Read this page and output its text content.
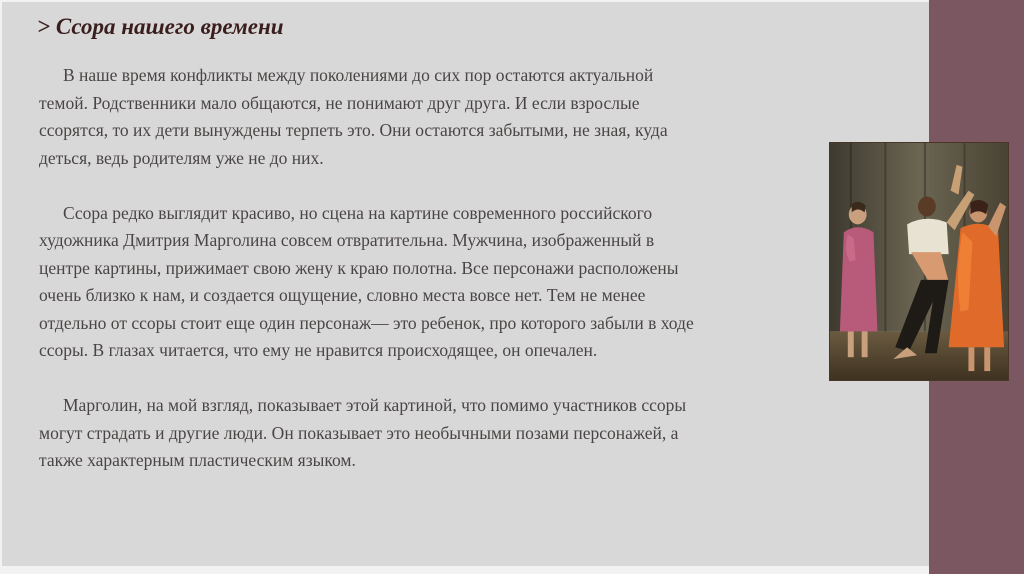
> Ссора нашего времени

В наше время конфликты между поколениями до сих пор остаются актуальной
темой. Родственники мало общаются, не понимают друг друга. И если взрослые
ссорятся, то их дети вынуждены терпеть это. Они остаются забытыми, не зная, куда
деться, ведь родителям уже не до них.

Ссора редко выглядит красиво, но сцена на картине современного российского
художника Дмитрия Марголина совсем отвратительна. Мужчина, изображенный в
центре картины, прижимает свою жену к краю полотна. Все персонажи расположены
очень близко к нам, и создается ощущение, словно места вовсе нет. Тем не менее
отдельно от ссоры стоит еще один персонаж— это ребенок, про которого забыли в ходе
ссоры. В глазах читается, что ему не нравится происходящее, он опечален.

Марголин, на мой взгляд, показывает этой картиной, что помимо участников ссоры
могут страдать и другие люди. Он показывает это необычными позами персонажей, а
также характерным пластическим языком.
